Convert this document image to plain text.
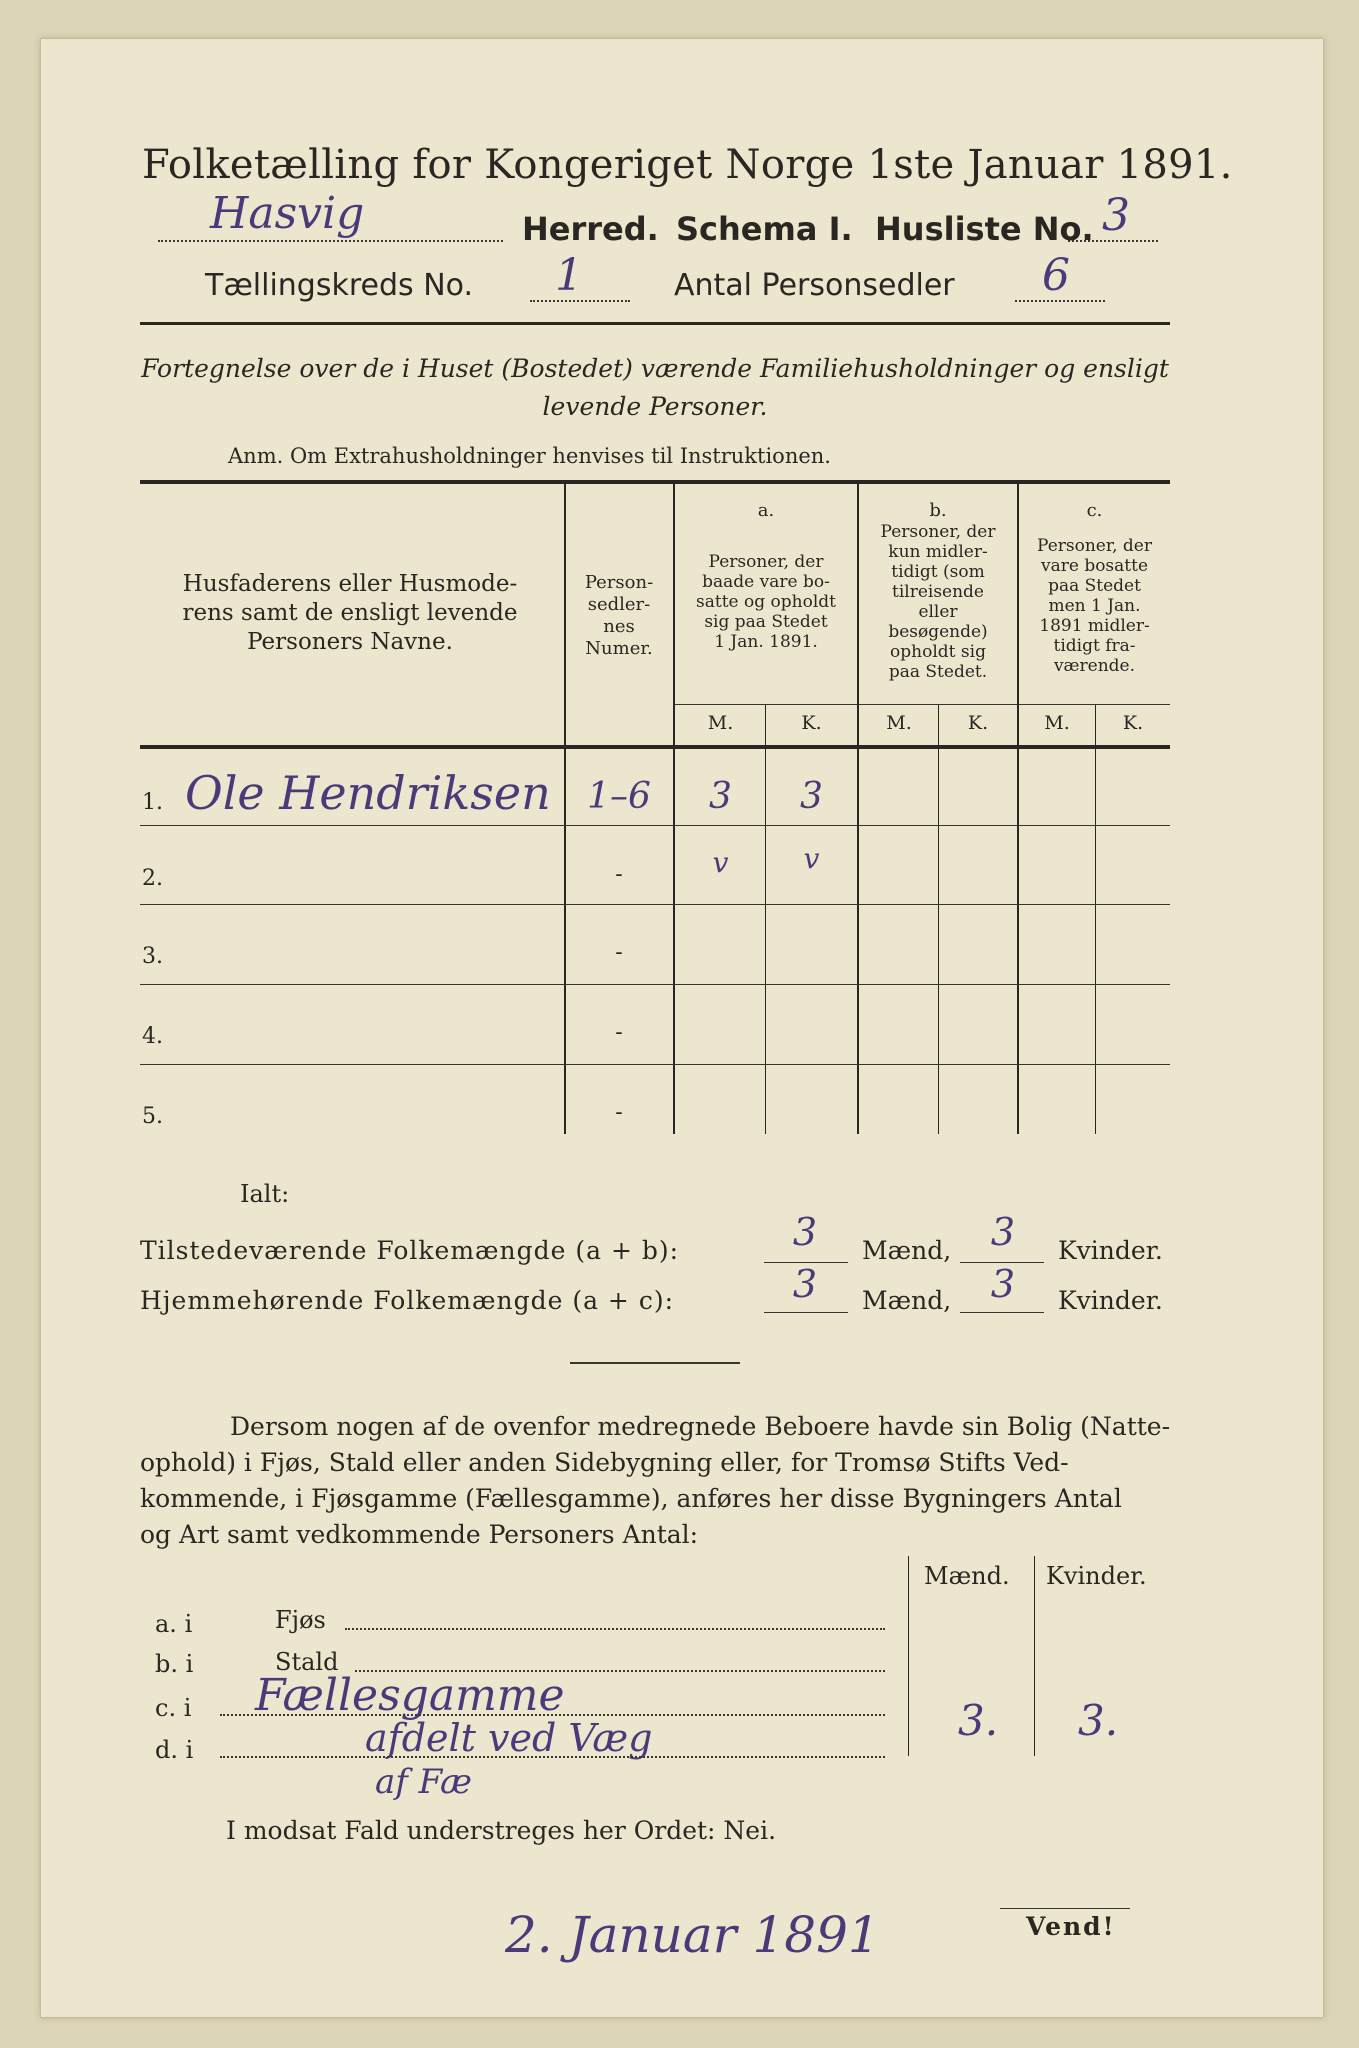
Folketælling for Kongeriget Norge 1ste Januar 1891.
Hasvig	Herred. Schema I. Husliste No. 3
Tællingskreds No. 1	Antal Personsedler 6
Fortegnelse over de i Huset (Bostedet) værende Familiehusholdninger og ensligt
levende Personer.
Anm. Om Extrahusholdninger henvises til Instruktionen.
Husfaderens eller Husmode-
rens samt de ensligt levende
Personers Navne.
Person-
sedler-
nes
Numer.
a.
Personer, der
baade vare bo-
satte og opholdt
sig paa Stedet
1 Jan. 1891.
b.
Personer, der
kun midler-
tidigt (som
tilreisende
eller
besøgende)
opholdt sig
paa Stedet.
c.
Personer, der
vare bosatte
paa Stedet
men 1 Jan.
1891 midler-
tidigt fra-
værende.
M.	K.	M.	K.	M.	K.
1. Ole Hendriksen	1–6	3	3
2.	-	v	v
3.	-
4.	-
5.	-
Ialt:
Tilstedeværende Folkemængde (a + b):	3	Mænd,	3	Kvinder.
Hjemmehørende Folkemængde (a + c):	3	Mænd,	3	Kvinder.
Dersom nogen af de ovenfor medregnede Beboere havde sin Bolig (Natte-
ophold) i Fjøs, Stald eller anden Sidebygning eller, for Tromsø Stifts Ved-
kommende, i Fjøsgamme (Fællesgamme), anføres her disse Bygningers Antal
og Art samt vedkommende Personers Antal:
Mænd. Kvinder.
a. i	Fjøs
b. i	Stald
c. i Fællesgamme
d. i	afdelt ved Væg
af Fæ
3. 3.
I modsat Fald understreges her Ordet: Nei.
2. Januar 1891	Vend!
